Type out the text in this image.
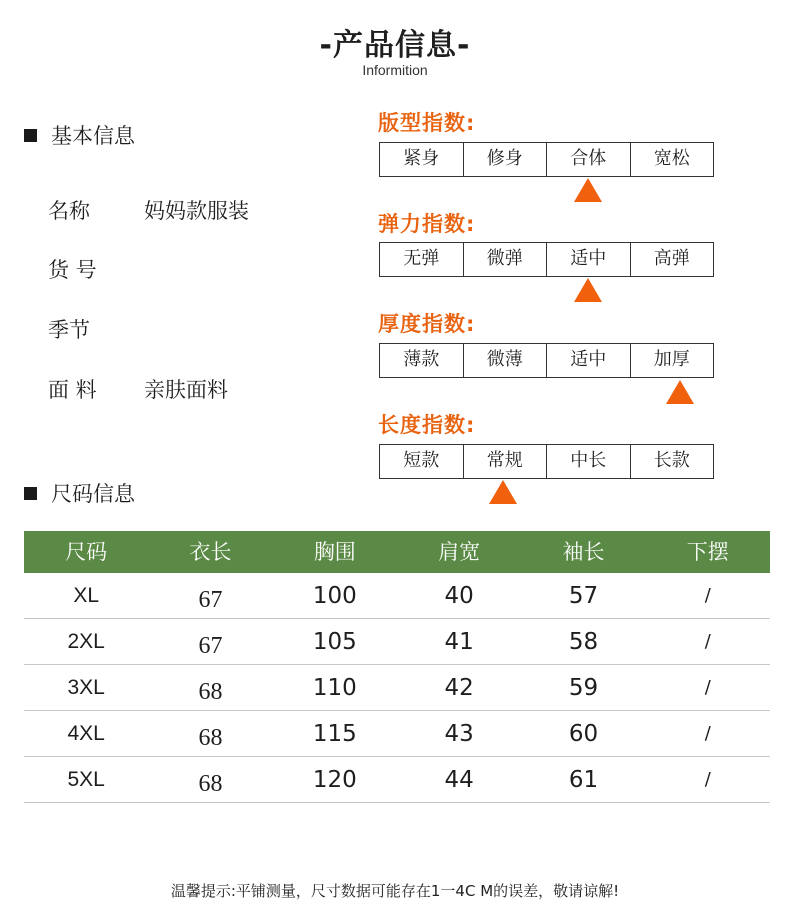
-产品信息-
Informition
基本信息
名称	妈妈款服装
货 号
季节
面 料	亲肤面料
版型指数:
紧身	修身	合体	宽松
弹力指数:
无弹	微弹	适中	高弹
厚度指数:
薄款	微薄	适中	加厚
长度指数:
短款	常规	中长	长款
尺码信息
尺码	衣长	胸围	肩宽	袖长	下摆
XL	67	100	40	57	/
2XL	67	105	41	58	/
3XL	68	110	42	59	/
4XL	68	115	43	60	/
5XL	68	120	44	61	/
温馨提示:平铺测量，尺寸数据可能存在1一4C M的误差，敬请谅解!
